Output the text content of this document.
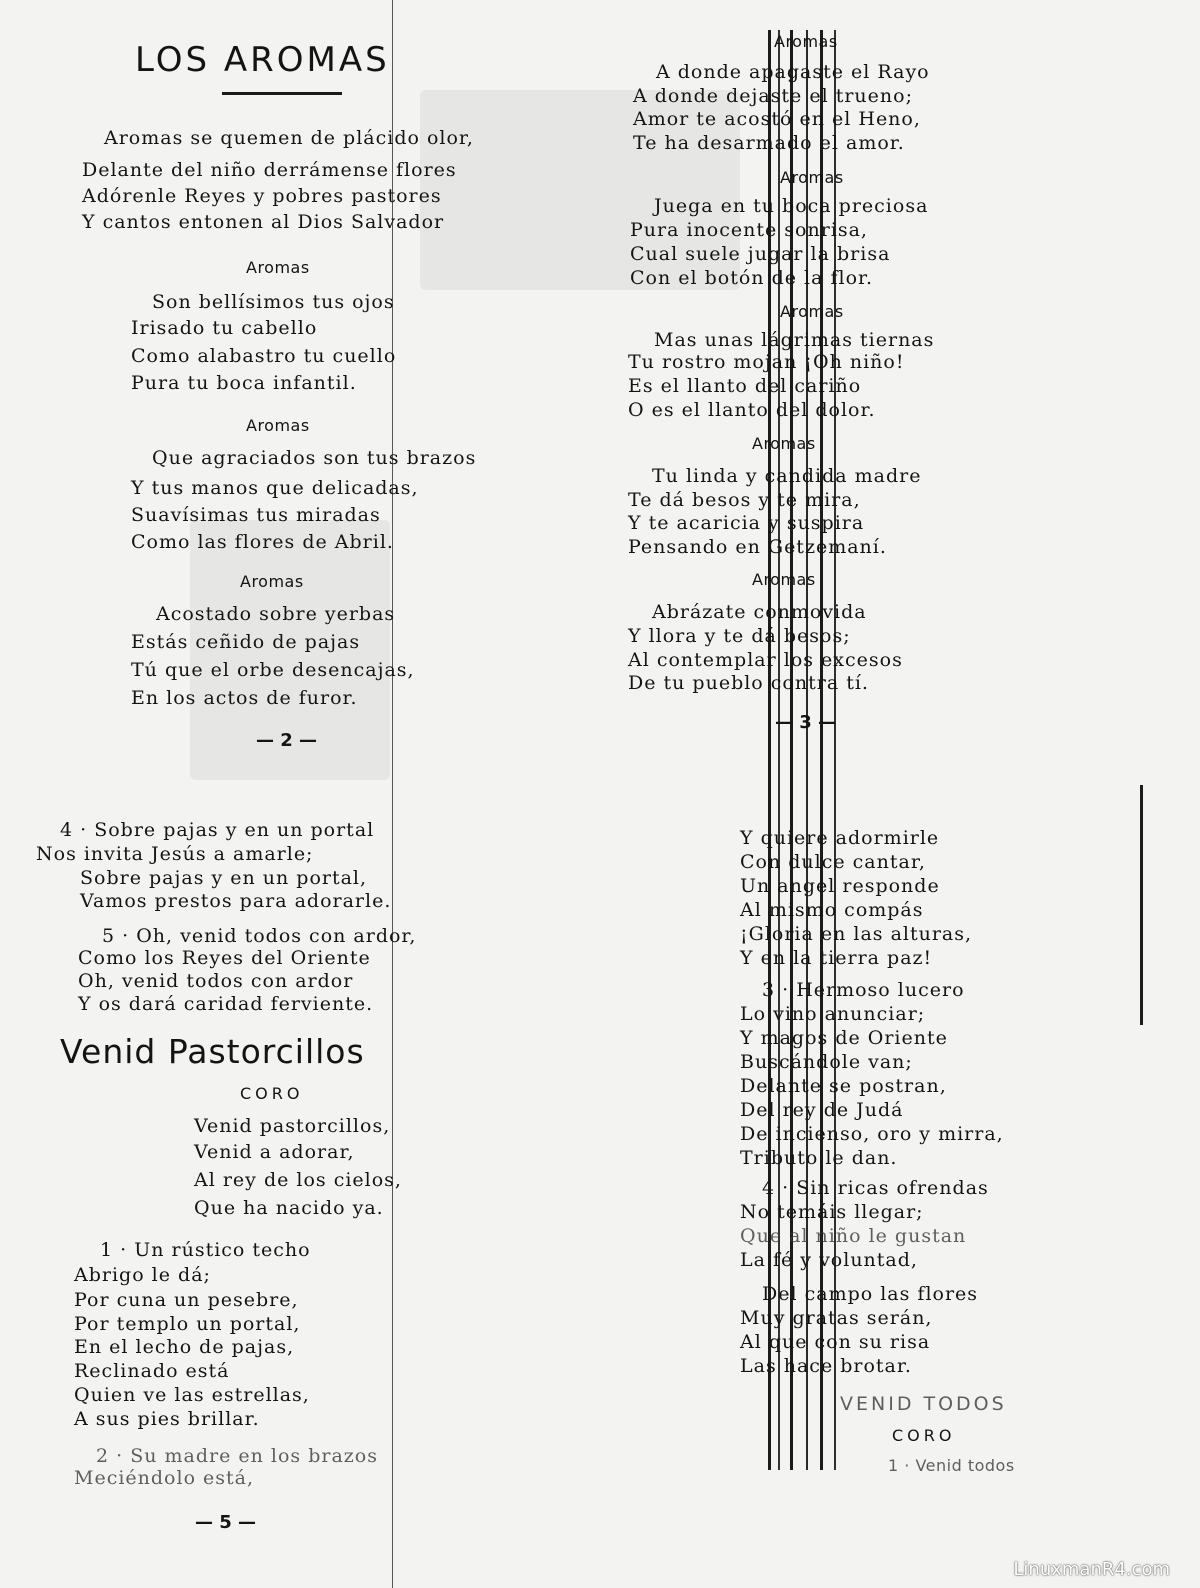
LOS AROMAS
Aromas se quemen de plácido olor,
Delante del niño derrámense flores
Adórenle Reyes y pobres pastores
Y cantos entonen al Dios Salvador
Aromas
Son bellísimos tus ojos
Irisado tu cabello
Como alabastro tu cuello
Pura tu boca infantil.
Aromas
Que agraciados son tus brazos
Y tus manos que delicadas,
Suavísimas tus miradas
Como las flores de Abril.
Aromas
Acostado sobre yerbas
Estás ceñido de pajas
Tú que el orbe desencajas,
En los actos de furor.
— 2 —
4 · Sobre pajas y en un portal
Nos invita Jesús a amarle;
Sobre pajas y en un portal,
Vamos prestos para adorarle.
5 · Oh, venid todos con ardor,
Como los Reyes del Oriente
Oh, venid todos con ardor
Y os dará caridad ferviente.
Venid Pastorcillos
CORO
Venid pastorcillos,
Venid a adorar,
Al rey de los cielos,
Que ha nacido ya.
1 · Un rústico techo
Abrigo le dá;
Por cuna un pesebre,
Por templo un portal,
En el lecho de pajas,
Reclinado está
Quien ve las estrellas,
A sus pies brillar.
2 · Su madre en los brazos
Meciéndolo está,
— 5 —
Aromas
A donde apagaste el Rayo
A donde dejaste el trueno;
Amor te acostó en el Heno,
Te ha desarmado el amor.
Aromas
Juega en tu boca preciosa
Pura inocente sonrisa,
Cual suele jugar la brisa
Con el botón de la flor.
Aromas
Mas unas lágrimas tiernas
Tu rostro mojan ¡Oh niño!
Es el llanto del cariño
O es el llanto del dolor.
Aromas
Tu linda y candida madre
Te dá besos y te mira,
Y te acaricia y suspira
Pensando en Getzemaní.
Aromas
Abrázate conmovida
Y llora y te dá besos;
Al contemplar los excesos
De tu pueblo contra tí.
— 3 —
Y quiere adormirle
Con dulce cantar,
Un angel responde
Al mismo compás
¡Gloria en las alturas,
Y en la tierra paz!
3 · Hermoso lucero
Lo vino anunciar;
Y magos de Oriente
Buscándole van;
Delante se postran,
Del rey de Judá
De incienso, oro y mirra,
Tributo le dan.
4 · Sin ricas ofrendas
No temáis llegar;
Que al niño le gustan
La fé y voluntad,
Del campo las flores
Muy gratas serán,
Al que con su risa
Las hace brotar.
VENID TODOS
CORO
1 · Venid todos
LinuxmanR4.com
